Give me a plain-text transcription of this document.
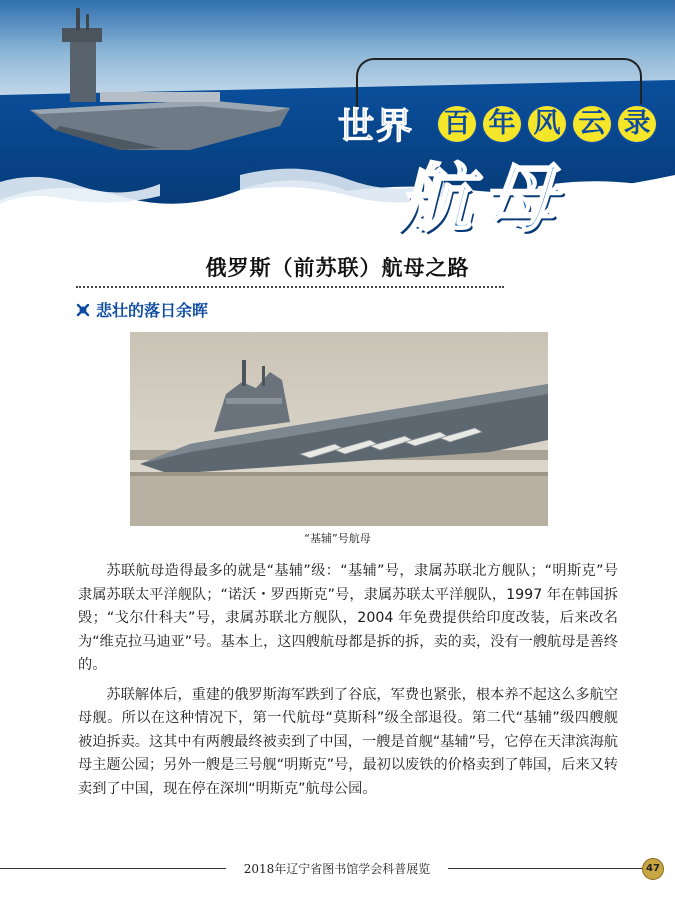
世界 百 年 风 云 录
航母
俄罗斯（前苏联）航母之路
悲壮的落日余晖
“基辅”号航母

苏联航母造得最多的就是“基辅”级：“基辅”号，隶属苏联北方舰队；“明斯克”号隶属苏联太平洋舰队；“诺沃・罗西斯克”号，隶属苏联太平洋舰队，1997 年在韩国拆毁；“戈尔什科夫”号，隶属苏联北方舰队，2004 年免费提供给印度改装，后来改名为“维克拉马迪亚”号。基本上，这四艘航母都是拆的拆，卖的卖，没有一艘航母是善终的。

苏联解体后，重建的俄罗斯海军跌到了谷底，军费也紧张，根本养不起这么多航空母舰。所以在这种情况下，第一代航母“莫斯科”级全部退役。第二代“基辅”级四艘舰被迫拆卖。这其中有两艘最终被卖到了中国，一艘是首舰“基辅”号，它停在天津滨海航母主题公园；另外一艘是三号舰“明斯克”号，最初以废铁的价格卖到了韩国，后来又转卖到了中国，现在停在深圳“明斯克”航母公园。

2018年辽宁省图书馆学会科普展览	47
